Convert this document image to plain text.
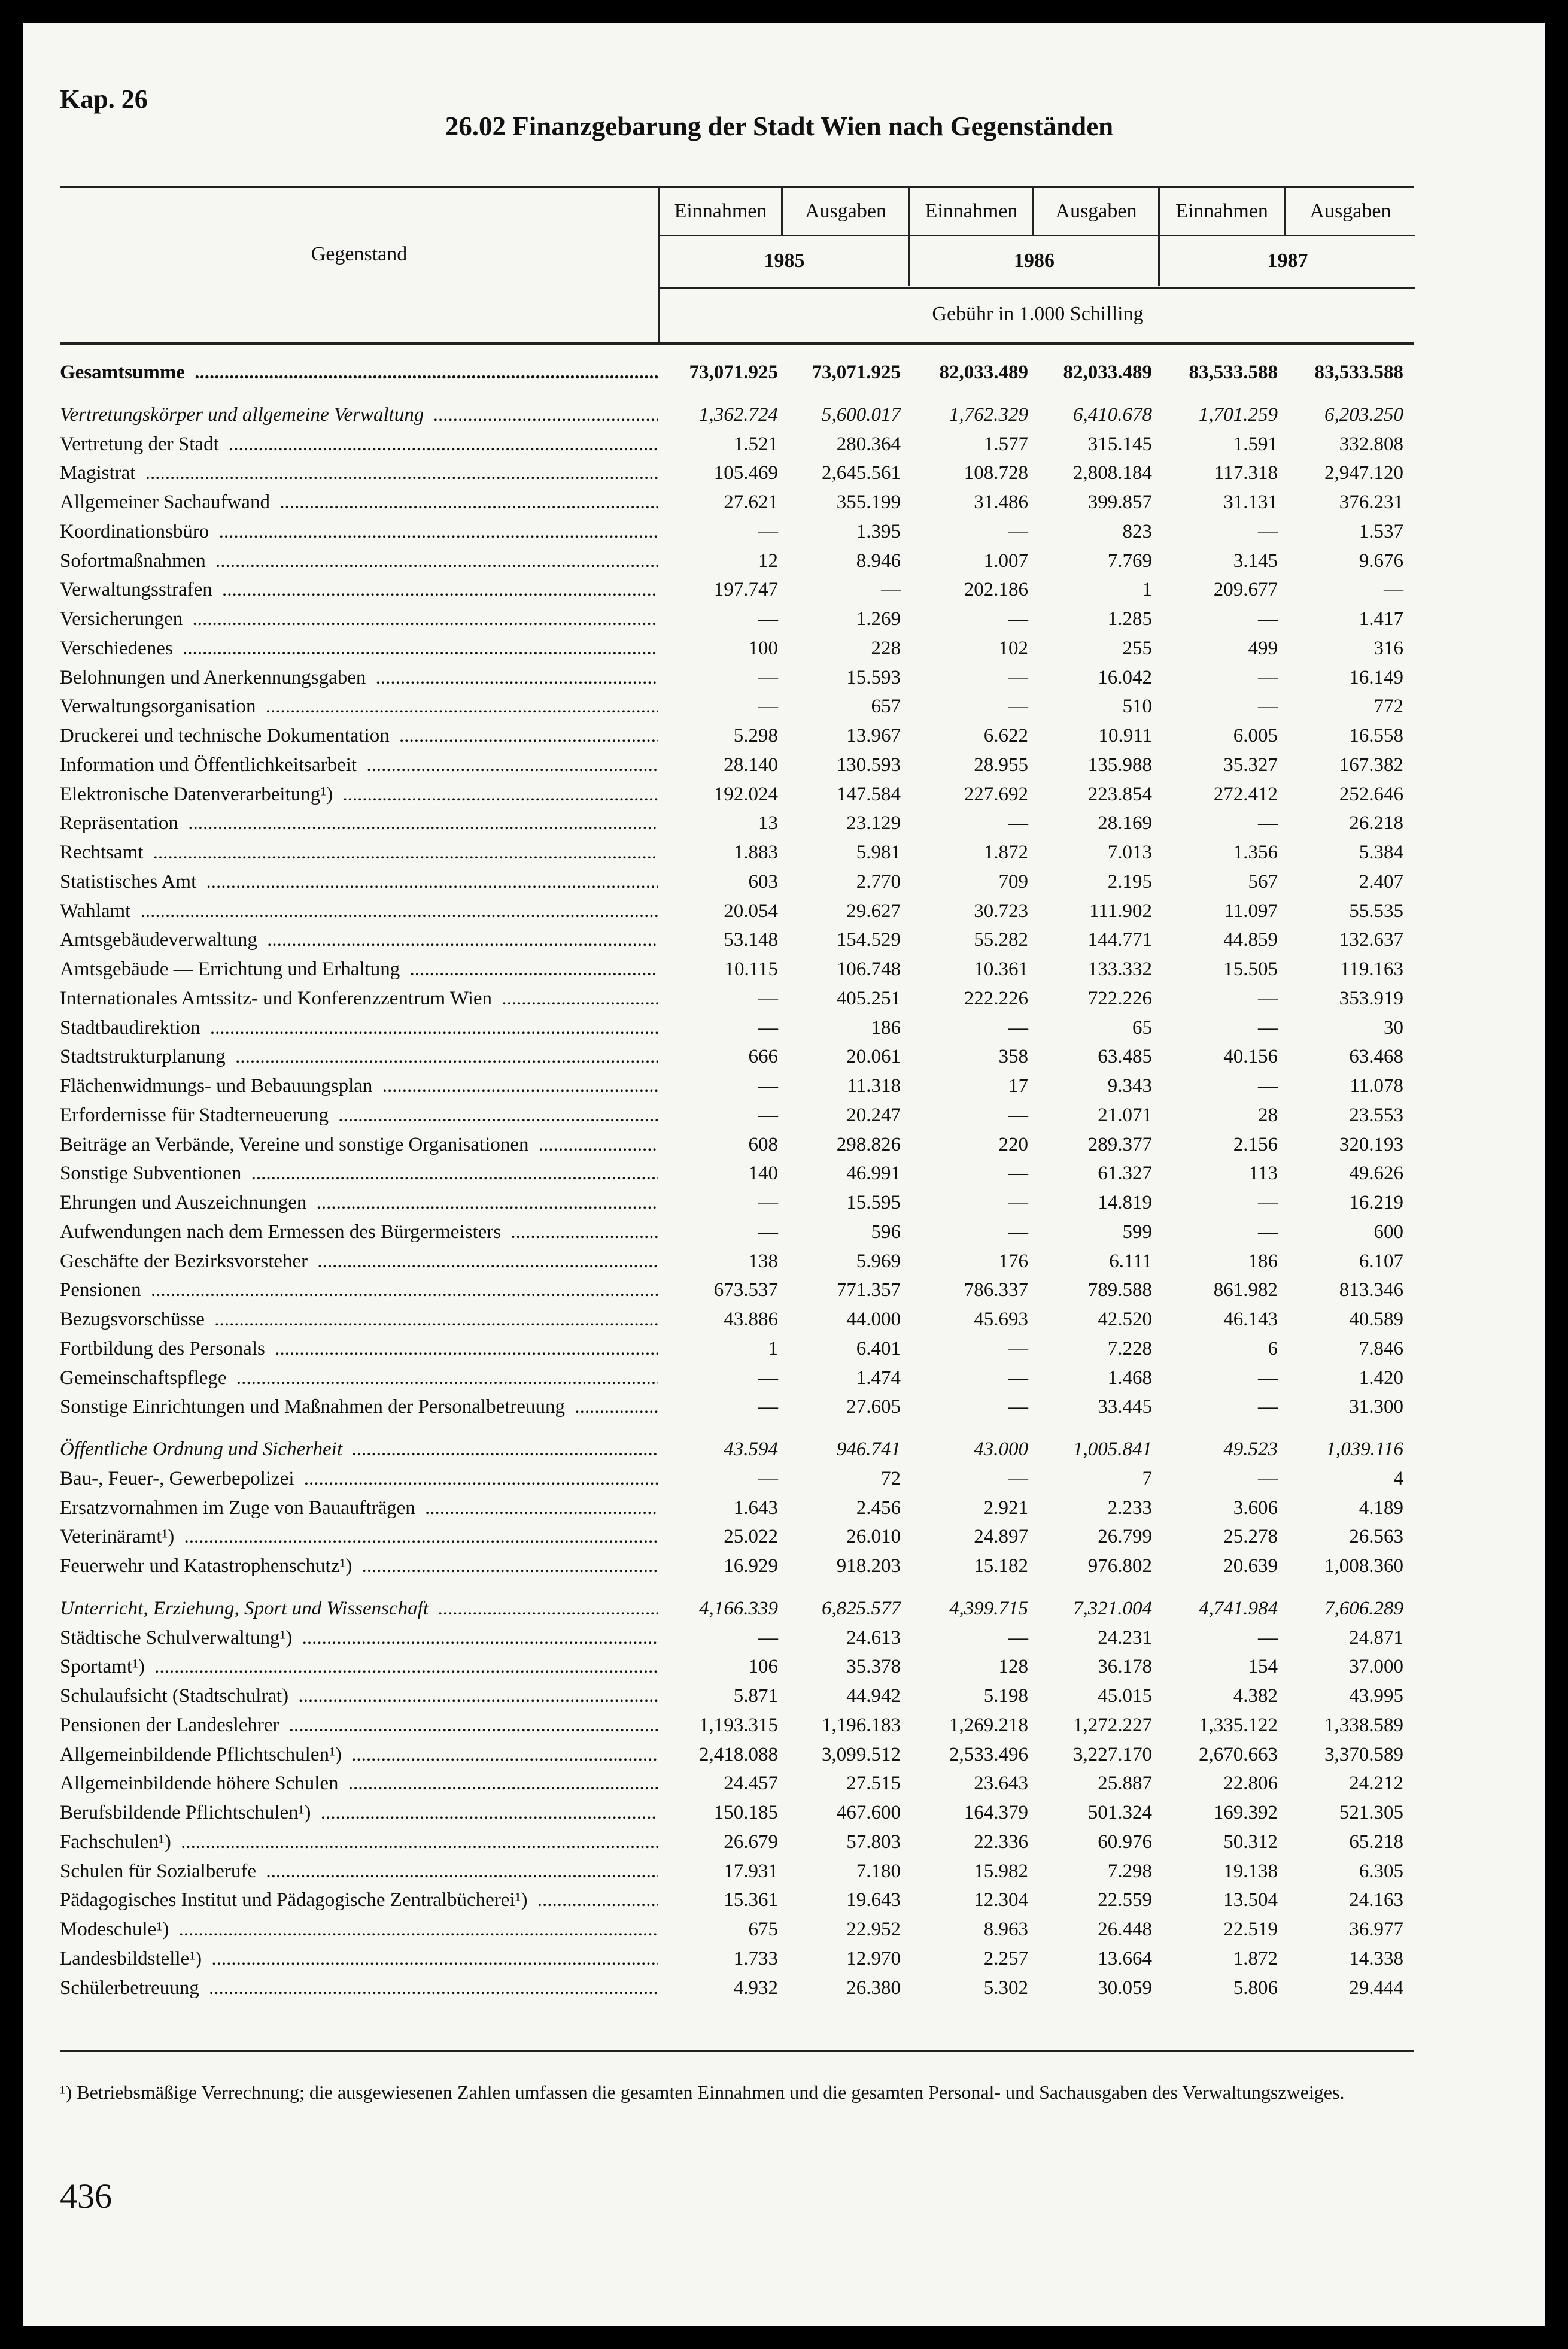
Kap. 26
26.02 Finanzgebarung der Stadt Wien nach Gegenständen
Gegenstand
Einnahmen	Ausgaben	Einnahmen	Ausgaben	Einnahmen	Ausgaben
1985	1986	1987
Gebühr in 1.000 Schilling
Gesamtsumme .....	73,071.925	73,071.925	82,033.489	82,033.489	83,533.588	83,533.588
Vertretungskörper und allgemeine Verwaltung .....	1,362.724	5,600.017	1,762.329	6,410.678	1,701.259	6,203.250
Vertretung der Stadt .....	1.521	280.364	1.577	315.145	1.591	332.808
Magistrat .....	105.469	2,645.561	108.728	2,808.184	117.318	2,947.120
Allgemeiner Sachaufwand .....	27.621	355.199	31.486	399.857	31.131	376.231
Koordinationsbüro .....	—	1.395	—	823	—	1.537
Sofortmaßnahmen .....	12	8.946	1.007	7.769	3.145	9.676
Verwaltungsstrafen .....	197.747	—	202.186	1	209.677	—
Versicherungen .....	—	1.269	—	1.285	—	1.417
Verschiedenes .....	100	228	102	255	499	316
Belohnungen und Anerkennungsgaben .....	—	15.593	—	16.042	—	16.149
Verwaltungsorganisation .....	—	657	—	510	—	772
Druckerei und technische Dokumentation .....	5.298	13.967	6.622	10.911	6.005	16.558
Information und Öffentlichkeitsarbeit .....	28.140	130.593	28.955	135.988	35.327	167.382
Elektronische Datenverarbeitung¹) .....	192.024	147.584	227.692	223.854	272.412	252.646
Repräsentation .....	13	23.129	—	28.169	—	26.218
Rechtsamt .....	1.883	5.981	1.872	7.013	1.356	5.384
Statistisches Amt .....	603	2.770	709	2.195	567	2.407
Wahlamt .....	20.054	29.627	30.723	111.902	11.097	55.535
Amtsgebäudeverwaltung .....	53.148	154.529	55.282	144.771	44.859	132.637
Amtsgebäude — Errichtung und Erhaltung .....	10.115	106.748	10.361	133.332	15.505	119.163
Internationales Amtssitz- und Konferenzzentrum Wien .....	—	405.251	222.226	722.226	—	353.919
Stadtbaudirektion .....	—	186	—	65	—	30
Stadtstrukturplanung .....	666	20.061	358	63.485	40.156	63.468
Flächenwidmungs- und Bebauungsplan .....	—	11.318	17	9.343	—	11.078
Erfordernisse für Stadterneuerung .....	—	20.247	—	21.071	28	23.553
Beiträge an Verbände, Vereine und sonstige Organisationen .....	608	298.826	220	289.377	2.156	320.193
Sonstige Subventionen .....	140	46.991	—	61.327	113	49.626
Ehrungen und Auszeichnungen .....	—	15.595	—	14.819	—	16.219
Aufwendungen nach dem Ermessen des Bürgermeisters .....	—	596	—	599	—	600
Geschäfte der Bezirksvorsteher .....	138	5.969	176	6.111	186	6.107
Pensionen .....	673.537	771.357	786.337	789.588	861.982	813.346
Bezugsvorschüsse .....	43.886	44.000	45.693	42.520	46.143	40.589
Fortbildung des Personals .....	1	6.401	—	7.228	6	7.846
Gemeinschaftspflege .....	—	1.474	—	1.468	—	1.420
Sonstige Einrichtungen und Maßnahmen der Personalbetreuung .....	—	27.605	—	33.445	—	31.300
Öffentliche Ordnung und Sicherheit .....	43.594	946.741	43.000	1,005.841	49.523	1,039.116
Bau-, Feuer-, Gewerbepolizei .....	—	72	—	7	—	4
Ersatzvornahmen im Zuge von Bauaufträgen .....	1.643	2.456	2.921	2.233	3.606	4.189
Veterinäramt¹) .....	25.022	26.010	24.897	26.799	25.278	26.563
Feuerwehr und Katastrophenschutz¹) .....	16.929	918.203	15.182	976.802	20.639	1,008.360
Unterricht, Erziehung, Sport und Wissenschaft .....	4,166.339	6,825.577	4,399.715	7,321.004	4,741.984	7,606.289
Städtische Schulverwaltung¹) .....	—	24.613	—	24.231	—	24.871
Sportamt¹) .....	106	35.378	128	36.178	154	37.000
Schulaufsicht (Stadtschulrat) .....	5.871	44.942	5.198	45.015	4.382	43.995
Pensionen der Landeslehrer .....	1,193.315	1,196.183	1,269.218	1,272.227	1,335.122	1,338.589
Allgemeinbildende Pflichtschulen¹) .....	2,418.088	3,099.512	2,533.496	3,227.170	2,670.663	3,370.589
Allgemeinbildende höhere Schulen .....	24.457	27.515	23.643	25.887	22.806	24.212
Berufsbildende Pflichtschulen¹) .....	150.185	467.600	164.379	501.324	169.392	521.305
Fachschulen¹) .....	26.679	57.803	22.336	60.976	50.312	65.218
Schulen für Sozialberufe .....	17.931	7.180	15.982	7.298	19.138	6.305
Pädagogisches Institut und Pädagogische Zentralbücherei¹) .....	15.361	19.643	12.304	22.559	13.504	24.163
Modeschule¹) .....	675	22.952	8.963	26.448	22.519	36.977
Landesbildstelle¹) .....	1.733	12.970	2.257	13.664	1.872	14.338
Schülerbetreuung .....	4.932	26.380	5.302	30.059	5.806	29.444
¹) Betriebsmäßige Verrechnung; die ausgewiesenen Zahlen umfassen die gesamten Einnahmen und die gesamten Personal- und Sachausgaben des Verwaltungszweiges.
436
